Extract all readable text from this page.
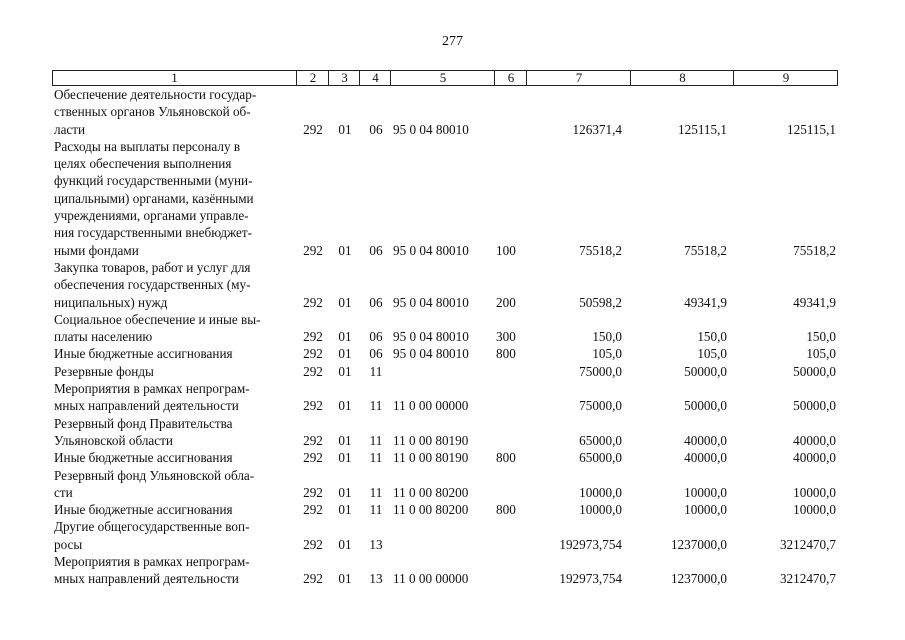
277
1	2	3	4	5	6	7	8	9
Обеспечение деятельности государ-
ственных органов Ульяновской об-
ласти	292	01	06 95 0 04 80010	126371,4	125115,1	125115,1
Расходы на выплаты персоналу в
целях обеспечения выполнения
функций государственными (муни-
ципальными) органами, казёнными
учреждениями, органами управле-
ния государственными внебюджет-
ными фондами	292	01	06 95 0 04 80010	100	75518,2	75518,2	75518,2
Закупка товаров, работ и услуг для
обеспечения государственных (му-
ниципальных) нужд	292	01	06 95 0 04 80010	200	50598,2	49341,9	49341,9
Социальное обеспечение и иные вы-
платы населению	292	01	06 95 0 04 80010	300	150,0	150,0	150,0
Иные бюджетные ассигнования	292	01	06 95 0 04 80010	800	105,0	105,0	105,0
Резервные фонды	292	01	11	75000,0	50000,0	50000,0
Мероприятия в рамках непрограм-
мных направлений деятельности	292	01	11 11 0 00 00000	75000,0	50000,0	50000,0
Резервный фонд Правительства
Ульяновской области	292	01	11 11 0 00 80190	65000,0	40000,0	40000,0
Иные бюджетные ассигнования	292	01	11 11 0 00 80190	800	65000,0	40000,0	40000,0
Резервный фонд Ульяновской обла-
сти	292	01	11 11 0 00 80200	10000,0	10000,0	10000,0
Иные бюджетные ассигнования	292	01	11 11 0 00 80200	800	10000,0	10000,0	10000,0
Другие общегосударственные воп-
росы	292	01	13	192973,754	1237000,0	3212470,7
Мероприятия в рамках непрограм-
мных направлений деятельности	292	01	13 11 0 00 00000	192973,754	1237000,0	3212470,7
